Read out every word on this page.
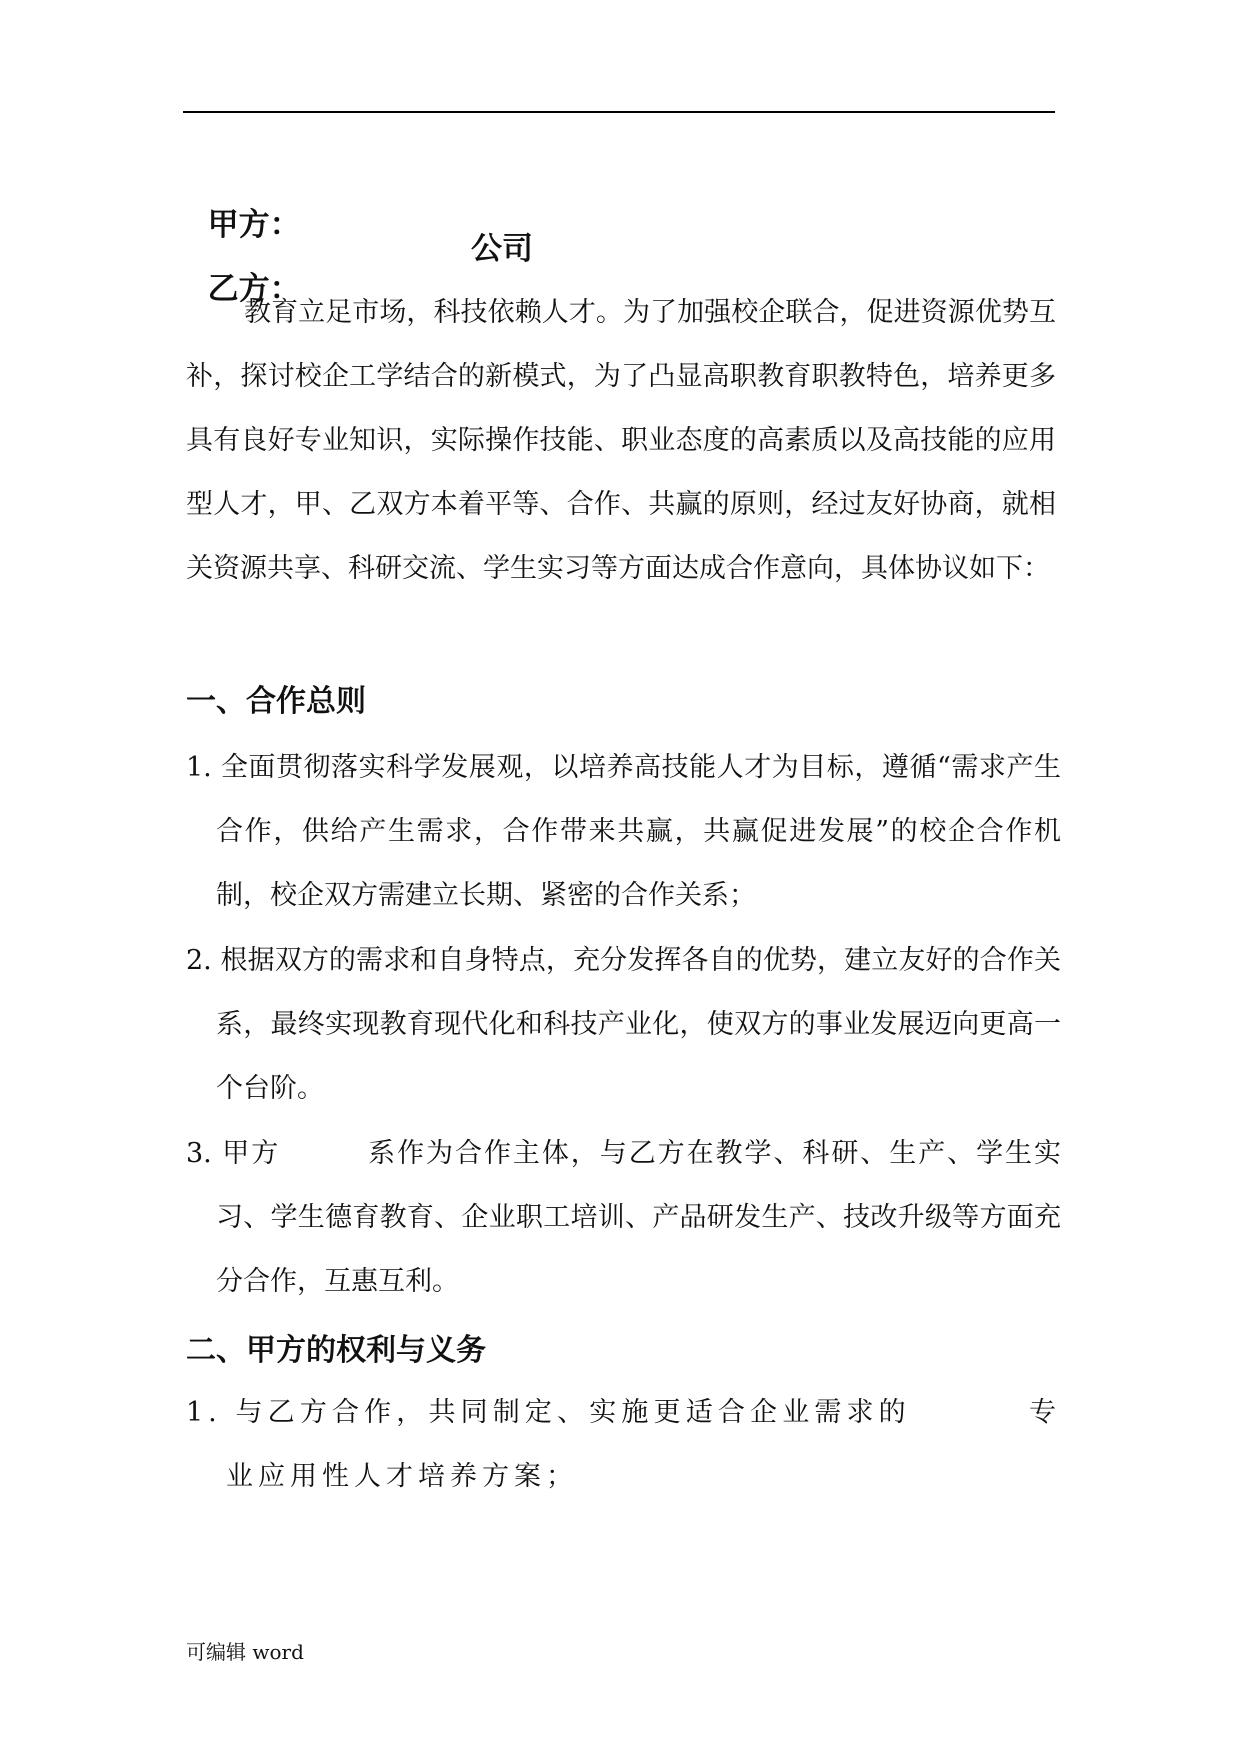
甲方：

乙方：

公司

教育立足市场，科技依赖人才。为了加强校企联合，促进资源优势互补，探讨校企工学结合的新模式，为了凸显高职教育职教特色，培养更多具有良好专业知识，实际操作技能、职业态度的高素质以及高技能的应用型人才，甲、乙双方本着平等、合作、共赢的原则，经过友好协商，就相关资源共享、科研交流、学生实习等方面达成合作意向，具体协议如下：

一、合作总则
1. 全面贯彻落实科学发展观，以培养高技能人才为目标，遵循“需求产生合作，供给产生需求，合作带来共赢，共赢促进发展”的校企合作机制，校企双方需建立长期、紧密的合作关系；
2. 根据双方的需求和自身特点，充分发挥各自的优势，建立友好的合作关系，最终实现教育现代化和科技产业化，使双方的事业发展迈向更高一个台阶。
3. 甲方	系作为合作主体，与乙方在教学、科研、生产、学生实习、学生德育教育、企业职工培训、产品研发生产、技改升级等方面充分合作，互惠互利。
二、甲方的权利与义务
1. 与乙方合作，共同制定、实施更适合企业需求的	专业应用性人才培养方案；
可编辑 word
